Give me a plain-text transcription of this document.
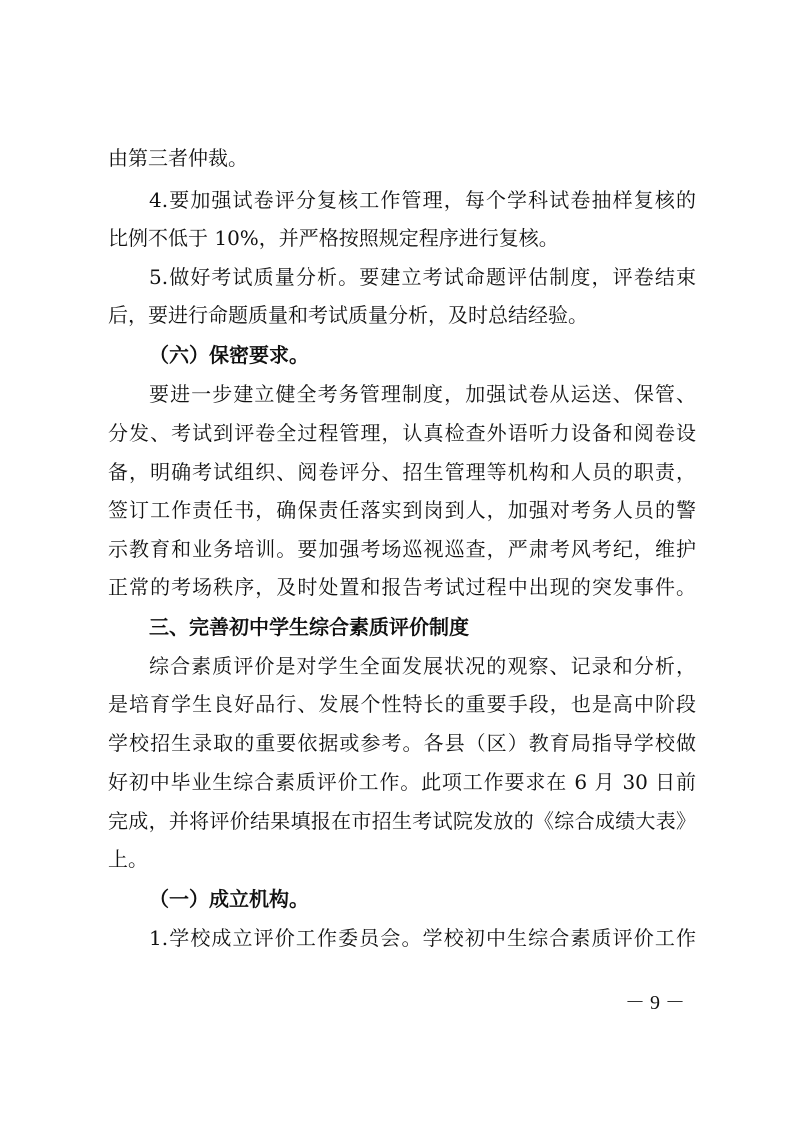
由第三者仲裁。
4.要加强试卷评分复核工作管理，每个学科试卷抽样复核的
比例不低于 10%，并严格按照规定程序进行复核。
5.做好考试质量分析。要建立考试命题评估制度，评卷结束
后，要进行命题质量和考试质量分析，及时总结经验。
（六）保密要求。
要进一步建立健全考务管理制度，加强试卷从运送、保管、
分发、考试到评卷全过程管理，认真检查外语听力设备和阅卷设
备，明确考试组织、阅卷评分、招生管理等机构和人员的职责，
签订工作责任书，确保责任落实到岗到人，加强对考务人员的警
示教育和业务培训。要加强考场巡视巡查，严肃考风考纪，维护
正常的考场秩序，及时处置和报告考试过程中出现的突发事件。
三、完善初中学生综合素质评价制度
综合素质评价是对学生全面发展状况的观察、记录和分析，
是培育学生良好品行、发展个性特长的重要手段，也是高中阶段
学校招生录取的重要依据或参考。各县（区）教育局指导学校做
好初中毕业生综合素质评价工作。此项工作要求在 6 月 30 日前
完成，并将评价结果填报在市招生考试院发放的《综合成绩大表》
上。
（一）成立机构。
1.学校成立评价工作委员会。学校初中生综合素质评价工作
－ 9 －
